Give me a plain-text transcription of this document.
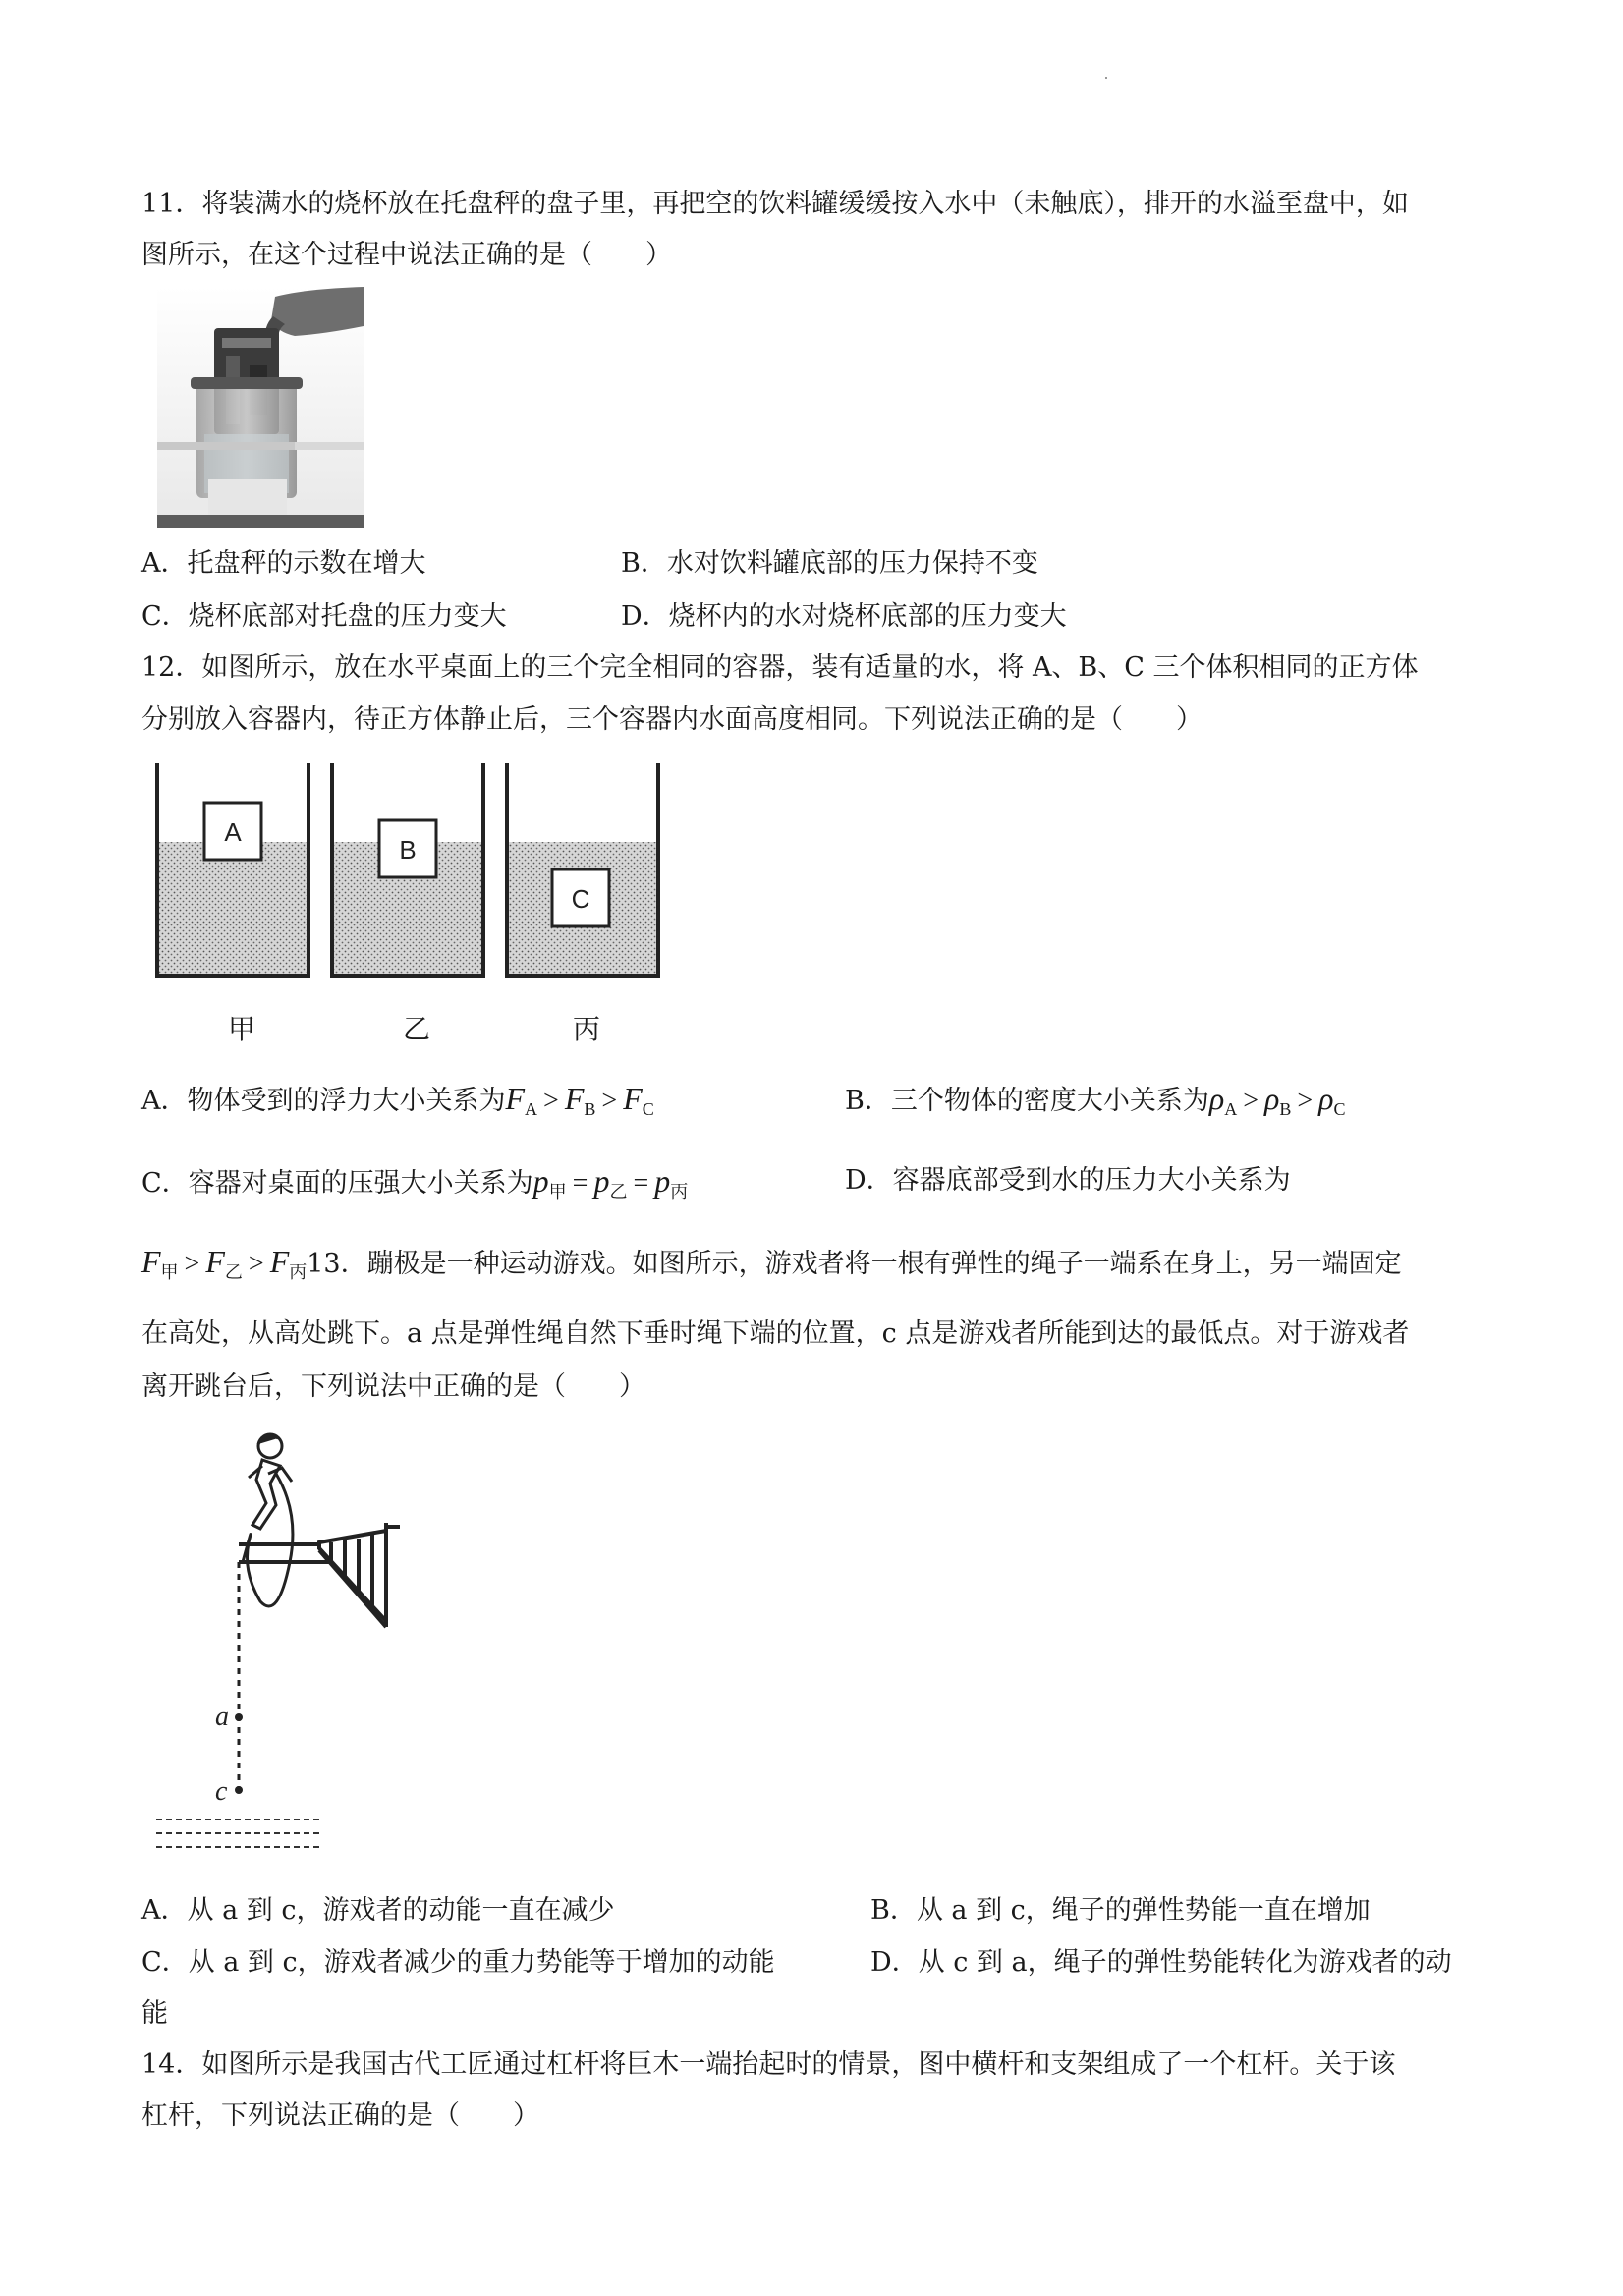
11．将装满水的烧杯放在托盘秤的盘子里，再把空的饮料罐缓缓按入水中（未触底），排开的水溢至盘中，如
图所示，在这个过程中说法正确的是（　　）
A．托盘秤的示数在增大	B．水对饮料罐底部的压力保持不变
C．烧杯底部对托盘的压力变大	D．烧杯内的水对烧杯底部的压力变大
12．如图所示，放在水平桌面上的三个完全相同的容器，装有适量的水，将 A、B、C 三个体积相同的正方体
分别放入容器内，待正方体静止后，三个容器内水面高度相同。下列说法正确的是（　　）
A
B
C
甲	乙	丙
A．物体受到的浮力大小关系为$F_A > F_B > F_C$	B．三个物体的密度大小关系为$\rho_A > \rho_B > \rho_C$
C．容器对桌面的压强大小关系为$p_甲 = p_乙 = p_丙$	D．容器底部受到水的压力大小关系为
$F_甲 > F_乙 > F_丙13$．蹦极是一种运动游戏。如图所示，游戏者将一根有弹性的绳子一端系在身上，另一端固定
在高处，从高处跳下。a 点是弹性绳自然下垂时绳下端的位置，c 点是游戏者所能到达的最低点。对于游戏者
离开跳台后，下列说法中正确的是（　　）
a
c
A．从 a 到 c，游戏者的动能一直在减少	B．从 a 到 c，绳子的弹性势能一直在增加
C．从 a 到 c，游戏者减少的重力势能等于增加的动能	D．从 c 到 a，绳子的弹性势能转化为游戏者的动
能
14．如图所示是我国古代工匠通过杠杆将巨木一端抬起时的情景，图中横杆和支架组成了一个杠杆。关于该
杠杆，下列说法正确的是（　　）
